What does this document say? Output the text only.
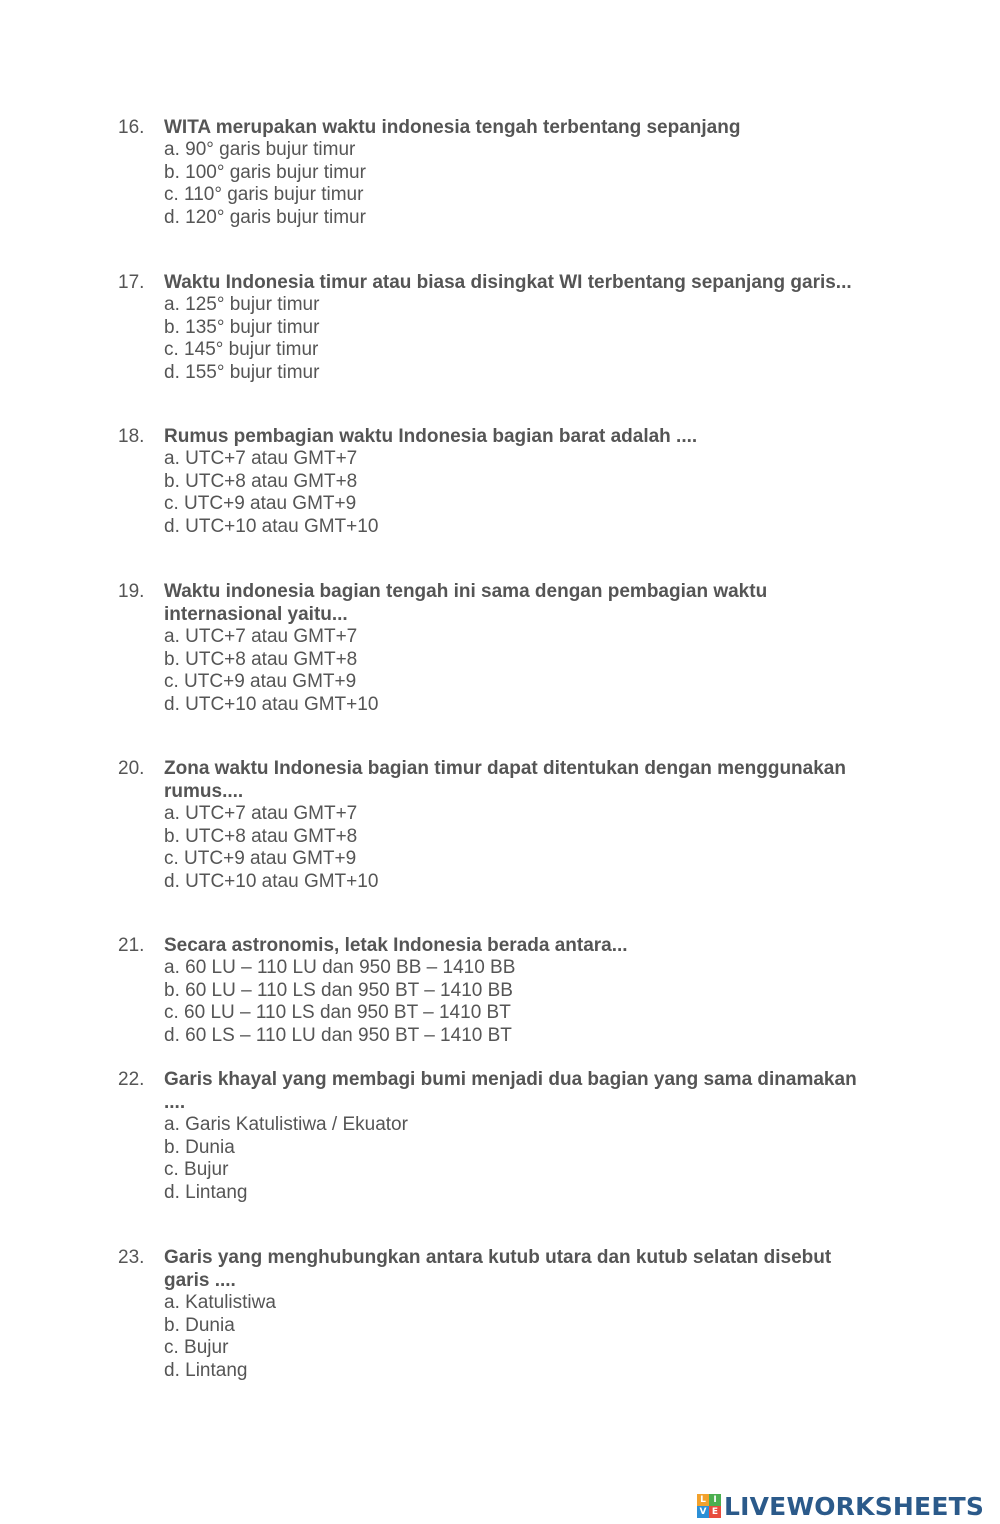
16. WITA merupakan waktu indonesia tengah terbentang sepanjang
a. 90° garis bujur timur
b. 100° garis bujur timur
c. 110° garis bujur timur
d. 120° garis bujur timur
17. Waktu Indonesia timur atau biasa disingkat WI terbentang sepanjang garis...
a. 125° bujur timur
b. 135° bujur timur
c. 145° bujur timur
d. 155° bujur timur
18. Rumus pembagian waktu Indonesia bagian barat adalah ....
a. UTC+7 atau GMT+7
b. UTC+8 atau GMT+8
c. UTC+9 atau GMT+9
d. UTC+10 atau GMT+10
19. Waktu indonesia bagian tengah ini sama dengan pembagian waktu
internasional yaitu...
a. UTC+7 atau GMT+7
b. UTC+8 atau GMT+8
c. UTC+9 atau GMT+9
d. UTC+10 atau GMT+10
20. Zona waktu Indonesia bagian timur dapat ditentukan dengan menggunakan
rumus....
a. UTC+7 atau GMT+7
b. UTC+8 atau GMT+8
c. UTC+9 atau GMT+9
d. UTC+10 atau GMT+10
21. Secara astronomis, letak Indonesia berada antara...
a. 60 LU – 110 LU dan 950 BB – 1410 BB
b. 60 LU – 110 LS dan 950 BT – 1410 BB
c. 60 LU – 110 LS dan 950 BT – 1410 BT
d. 60 LS – 110 LU dan 950 BT – 1410 BT
22. Garis khayal yang membagi bumi menjadi dua bagian yang sama dinamakan
....
a. Garis Katulistiwa / Ekuator
b. Dunia
c. Bujur
d. Lintang
23. Garis yang menghubungkan antara kutub utara dan kutub selatan disebut
garis ....
a. Katulistiwa
b. Dunia
c. Bujur
d. Lintang
L I
V E LIVEWORKSHEETS
